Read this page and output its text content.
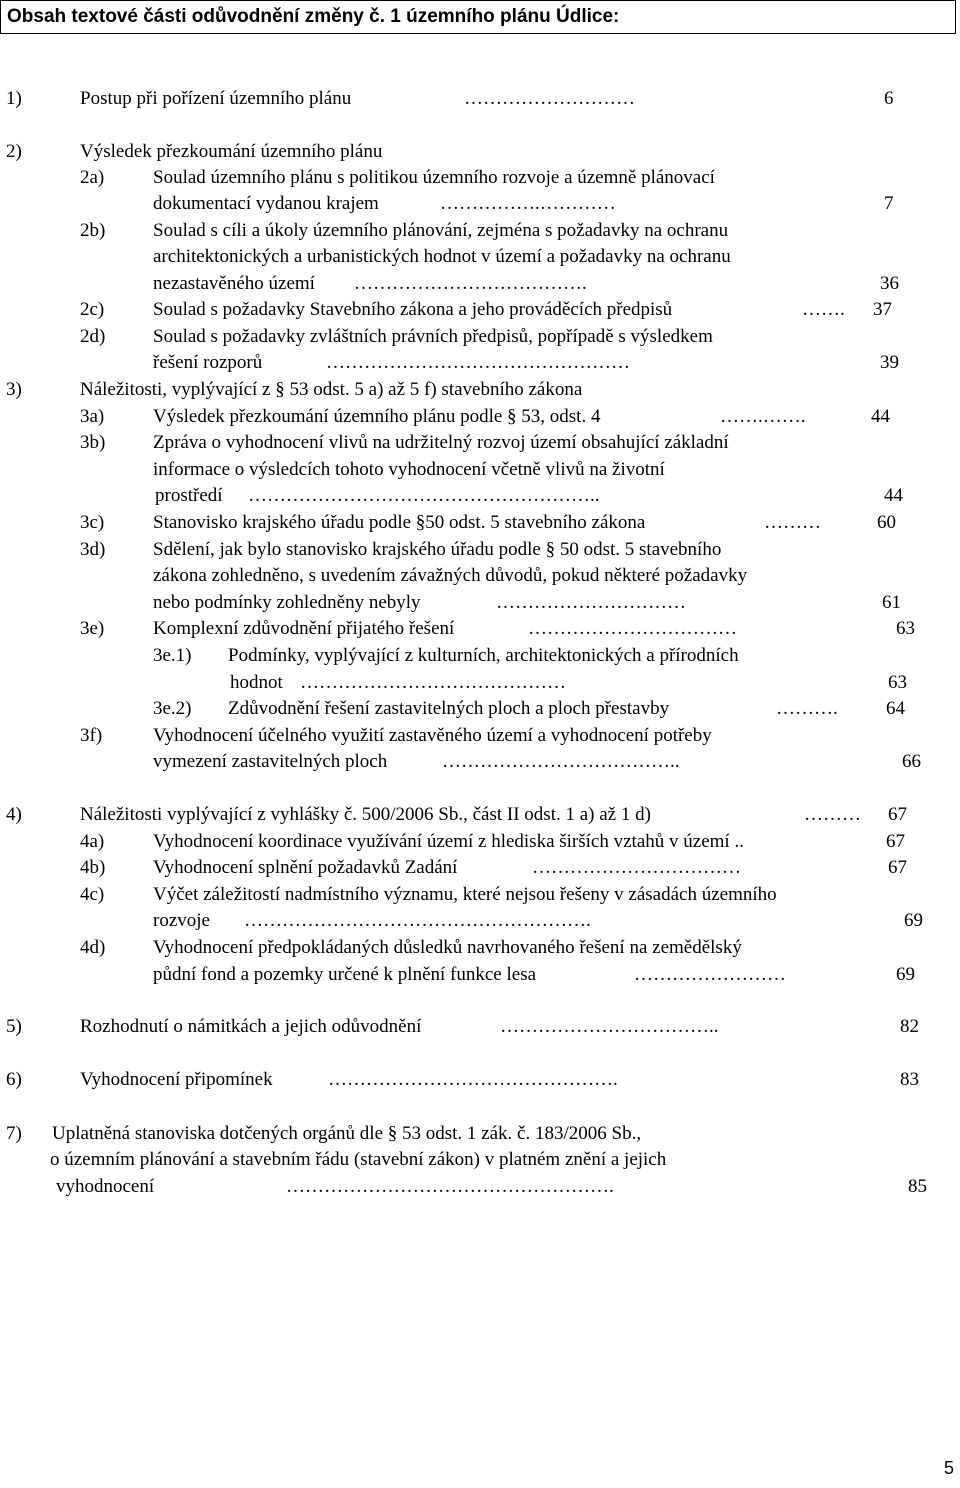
Obsah textové části odůvodnění změny č. 1 územního plánu Údlice:
1)	Postup při pořízení územního plánu	………………………	6
2)	Výsledek přezkoumání územního plánu
2a)	Soulad územního plánu s politikou územního rozvoje a územně plánovací
dokumentací vydanou krajem	…………….…………	7
2b)	Soulad s cíli a úkoly územního plánování, zejména s požadavky na ochranu
architektonických a urbanistických hodnot v území a požadavky na ochranu
nezastavěného území ……………………………….	36
2c)	Soulad s požadavky Stavebního zákona a jeho prováděcích předpisů	……. 37
2d)	Soulad s požadavky zvláštních právních předpisů, popřípadě s výsledkem
řešení rozporů	…………………………………………	39
3)	Náležitosti, vyplývající z § 53 odst. 5 a) až 5 f) stavebního zákona
3a)	Výsledek přezkoumání územního plánu podle § 53, odst. 4	…….…….	44
3b)	Zpráva o vyhodnocení vlivů na udržitelný rozvoj území obsahující základní
informace o výsledcích tohoto vyhodnocení včetně vlivů na životní
prostředí ………………………………………………..	44
3c)	Stanovisko krajského úřadu podle §50 odst. 5 stavebního zákona	………	60
3d)	Sdělení, jak bylo stanovisko krajského úřadu podle § 50 odst. 5 stavebního
zákona zohledněno, s uvedením závažných důvodů, pokud některé požadavky
nebo podmínky zohledněny nebyly	…………………………	61
3e)	Komplexní zdůvodnění přijatého řešení	……………………………	63
3e.1) Podmínky, vyplývající z kulturních, architektonických a přírodních
hodnot ……………………………………	63
3e.2) Zdůvodnění řešení zastavitelných ploch a ploch přestavby	……….	64
3f)	Vyhodnocení účelného využití zastavěného území a vyhodnocení potřeby
vymezení zastavitelných ploch	………………………………..	66
4)	Náležitosti vyplývající z vyhlášky č. 500/2006 Sb., část II odst. 1 a) až 1 d)	……… 67
4a)	Vyhodnocení koordinace využívání území z hlediska širších vztahů v území ..	67
4b)	Vyhodnocení splnění požadavků Zadání	……………………………	67
4c)	Výčet záležitostí nadmístního významu, které nejsou řešeny v zásadách územního
rozvoje ……………………………………………….	69
4d)	Vyhodnocení předpokládaných důsledků navrhovaného řešení na zemědělský
půdní fond a pozemky určené k plnění funkce lesa	……………………	69
5)	Rozhodnutí o námitkách a jejich odůvodnění	……………………………..	82
6)	Vyhodnocení připomínek	……………………………………….	83
7) Uplatněná stanoviska dotčených orgánů dle § 53 odst. 1 zák. č. 183/2006 Sb.,
o územním plánování a stavebním řádu (stavební zákon) v platném znění a jejich
vyhodnocení	…………………………………………….	85
5
